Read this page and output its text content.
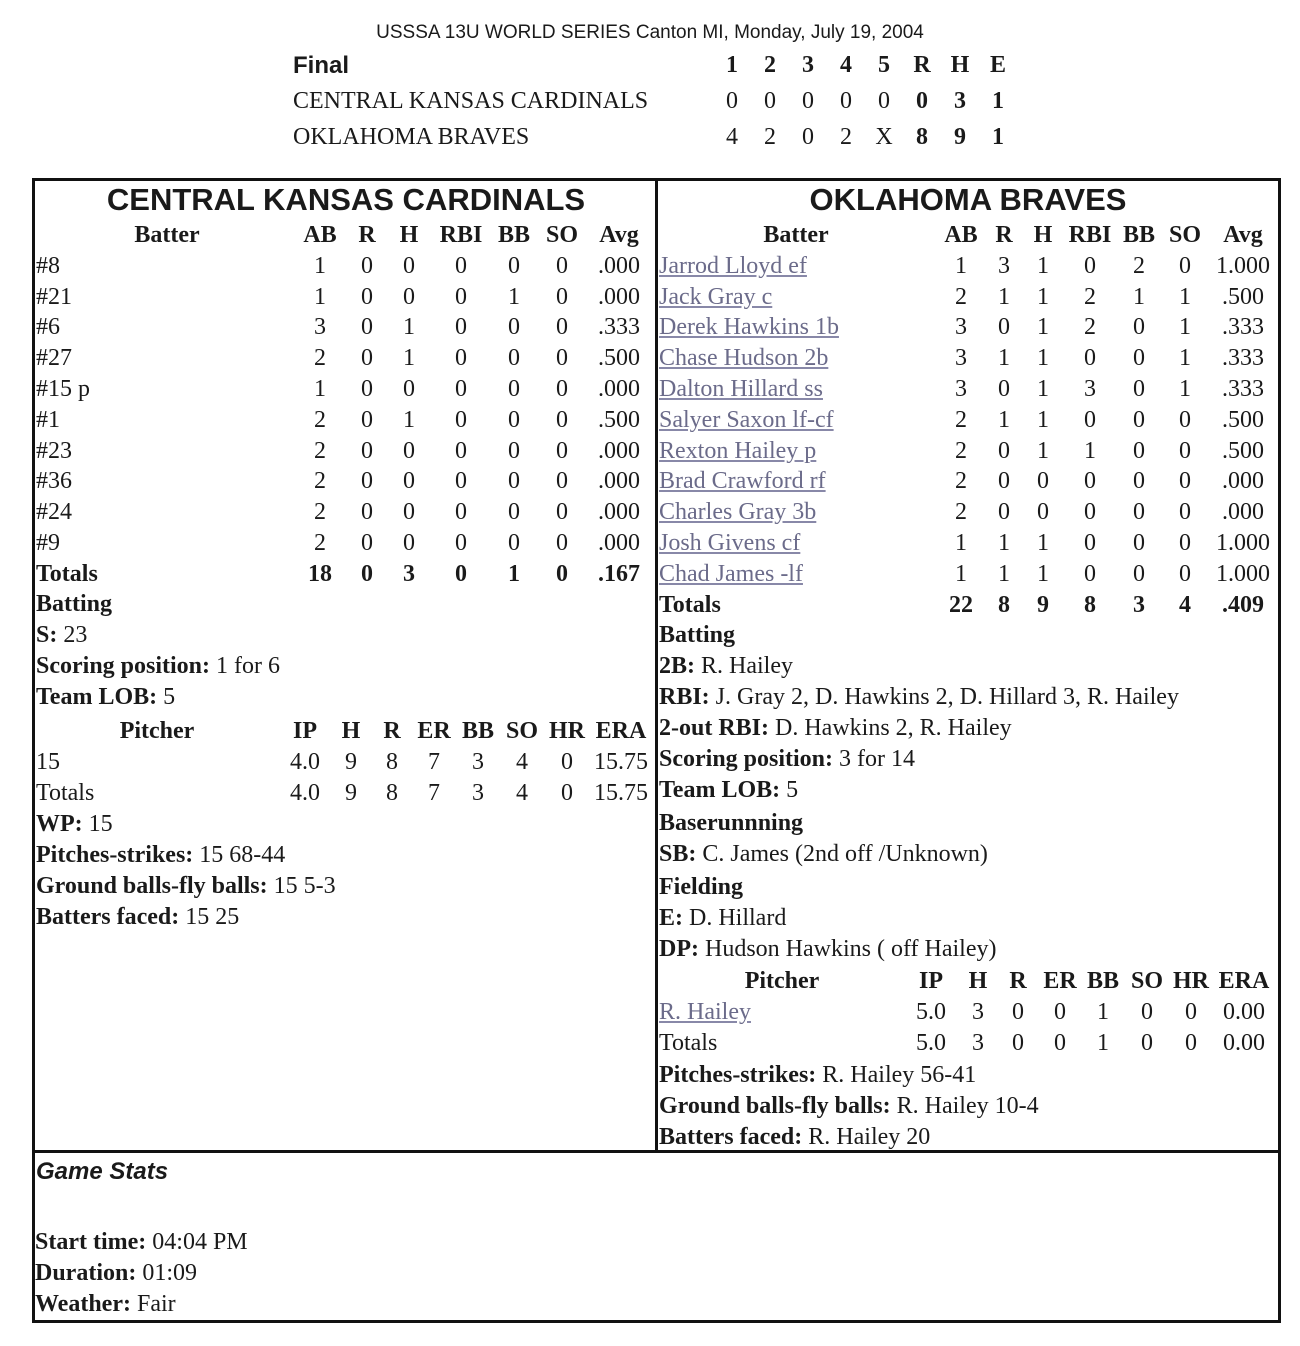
USSSA 13U WORLD SERIES Canton MI, Monday, July 19, 2004
Final	1	2	3	4	5 R H E
CENTRAL KANSAS CARDINALS	0	0	0	0	0	0	3	1
OKLAHOMA BRAVES	4	2	0	2 X 8	9	1
CENTRAL KANSAS CARDINALS
Batter	AB R H RBI BB SO Avg
#8	1	0	0	0	0	0	.000
#21	1	0	0	0	1	0	.000
#6	3	0	1	0	0	0	.333
#27	2	0	1	0	0	0	.500
#15 p	1	0	0	0	0	0	.000
#1	2	0	1	0	0	0	.500
#23	2	0	0	0	0	0	.000
#36	2	0	0	0	0	0	.000
#24	2	0	0	0	0	0	.000
#9	2	0	0	0	0	0	.000
Totals	18	0	3	0	1	0	.167
Batting
S: 23
Scoring position: 1 for 6
Team LOB: 5
Pitcher	IP	H R ER BB SO HR ERA
15	4.0	9	8	7	3	4	0 15.75
Totals	4.0	9	8	7	3	4	0 15.75
WP: 15
Pitches-strikes: 15 68-44
Ground balls-fly balls: 15 5-3
Batters faced: 15 25
OKLAHOMA BRAVES
Batter	AB R H RBI BB SO Avg
Jarrod Lloyd ef	1	3	1	0	2	0	1.000
Jack Gray c	2	1	1	2	1	1	.500
Derek Hawkins 1b	3	0	1	2	0	1	.333
Chase Hudson 2b	3	1	1	0	0	1	.333
Dalton Hillard ss	3	0	1	3	0	1	.333
Salyer Saxon lf-cf	2	1	1	0	0	0	.500
Rexton Hailey p	2	0	1	1	0	0	.500
Brad Crawford rf	2	0	0	0	0	0	.000
Charles Gray 3b	2	0	0	0	0	0	.000
Josh Givens cf	1	1	1	0	0	0	1.000
Chad James -lf	1	1	1	0	0	0	1.000
Totals	22	8	9	8	3	4	.409
Batting
2B: R. Hailey
RBI: J. Gray 2, D. Hawkins 2, D. Hillard 3, R. Hailey
2-out RBI: D. Hawkins 2, R. Hailey
Scoring position: 3 for 14
Team LOB: 5
Baserunnning
SB: C. James (2nd off /Unknown)
Fielding
E: D. Hillard
DP: Hudson Hawkins ( off Hailey)
Pitcher	IP	H R ER BB SO HR ERA
R. Hailey	5.0	3	0	0	1	0	0	0.00
Totals	5.0	3	0	0	1	0	0	0.00
Pitches-strikes: R. Hailey 56-41
Ground balls-fly balls: R. Hailey 10-4
Batters faced: R. Hailey 20
Game Stats
Start time: 04:04 PM
Duration: 01:09
Weather: Fair
